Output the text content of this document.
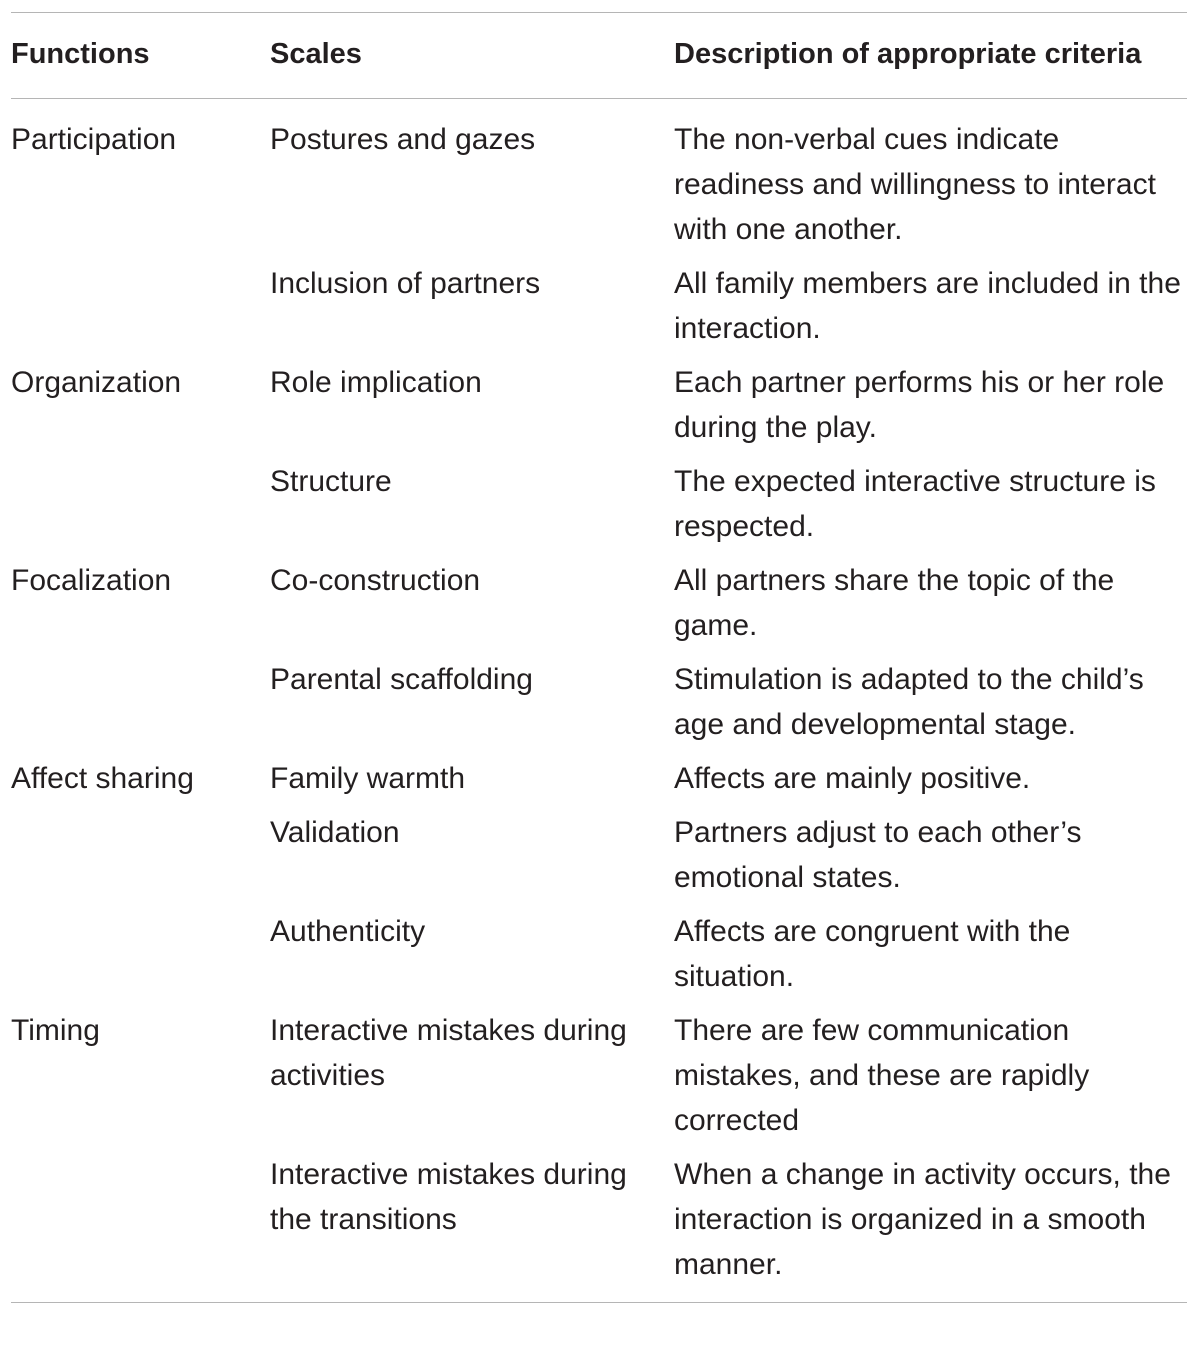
Functions	Scales	Description of appropriate criteria
Participation	Postures and gazes	The non-verbal cues indicate readiness and willingness to interact with one another.
	Inclusion of partners	All family members are included in the interaction.
Organization	Role implication	Each partner performs his or her role during the play.
	Structure	The expected interactive structure is respected.
Focalization	Co-construction	All partners share the topic of the game.
	Parental scaffolding	Stimulation is adapted to the child’s age and developmental stage.
Affect sharing	Family warmth	Affects are mainly positive.
	Validation	Partners adjust to each other’s emotional states.
	Authenticity	Affects are congruent with the situation.
Timing	Interactive mistakes during activities	There are few communication mistakes, and these are rapidly corrected
	Interactive mistakes during the transitions	When a change in activity occurs, the interaction is organized in a smooth manner.
